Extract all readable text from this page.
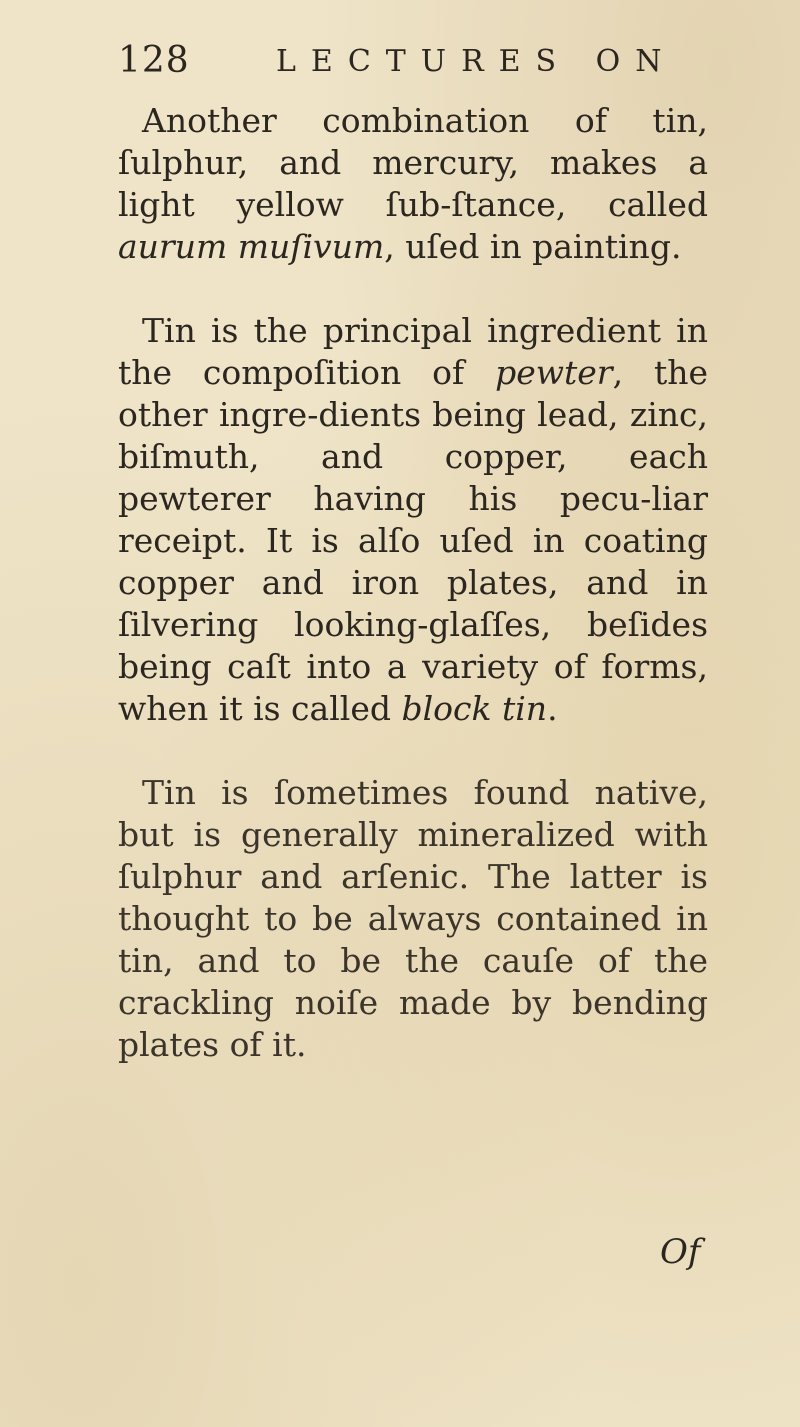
128	LECTURES ON

Another combination of tin, ſulphur, and mercury, makes a light yellow ſub-ſtance, called aurum muſivum, uſed in painting.

Tin is the principal ingredient in the compoſition of pewter, the other ingre-dients being lead, zinc, biſmuth, and copper, each pewterer having his pecu-liar receipt. It is alſo uſed in coating copper and iron plates, and in ſilvering looking-glaſſes, beſides being caſt into a variety of forms, when it is called block tin.

Tin is ſometimes found native, but is generally mineralized with ſulphur and arſenic. The latter is thought to be always contained in tin, and to be the cauſe of the crackling noiſe made by bending plates of it.

Of
